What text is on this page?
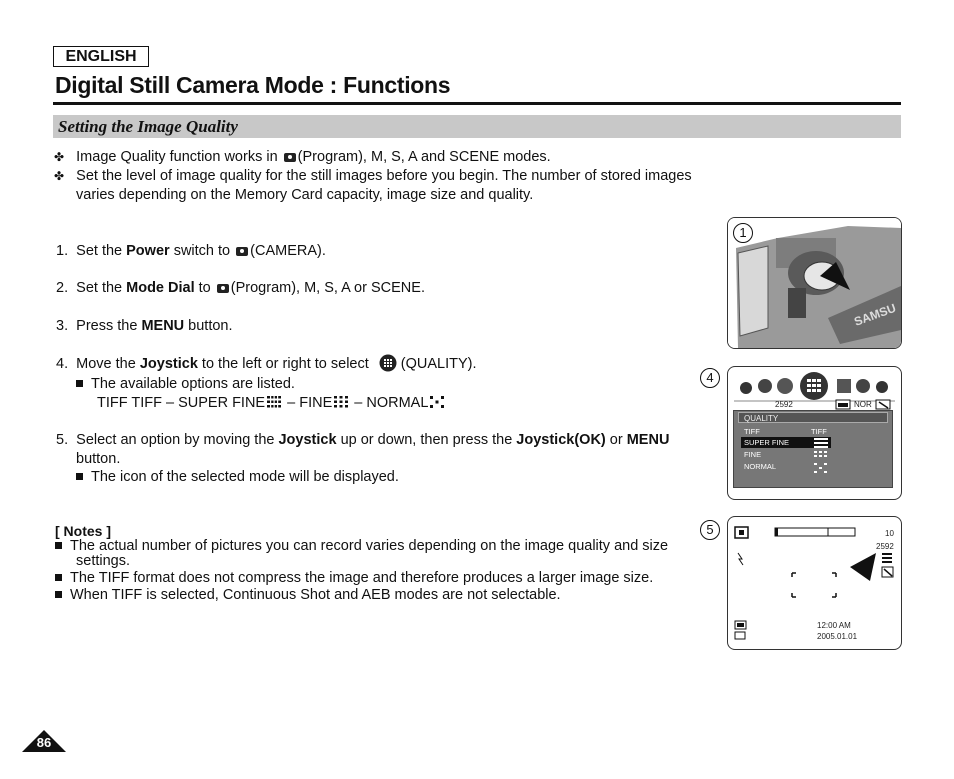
ENGLISH
Digital Still Camera Mode : Functions
Setting the Image Quality
✤ Image Quality function works in (Program), M, S, A and SCENE modes.
✤ Set the level of image quality for the still images before you begin. The number of stored images
varies depending on the Memory Card capacity, image size and quality.
1. Set the Power switch to (CAMERA).
2. Set the Mode Dial to (Program), M, S, A or SCENE.
3. Press the MENU button.
4. Move the Joystick to the left or right to select (QUALITY).
The available options are listed.
TIFF TIFF – SUPER FINE – FINE – NORMAL
5. Select an option by moving the Joystick up or down, then press the Joystick(OK) or MENU
button.
The icon of the selected mode will be displayed.
[ Notes ]
The actual number of pictures you can record varies depending on the image quality and size
settings.
The TIFF format does not compress the image and therefore produces a larger image size.
When TIFF is selected, Continuous Shot and AEB modes are not selectable.
SAMSU
1
2592	NOR
QUALITY
TIFF	TIFF
SUPER FINE
FINE
NORMAL
4
10
2592
12:00 AM
2005.01.01
5
86
